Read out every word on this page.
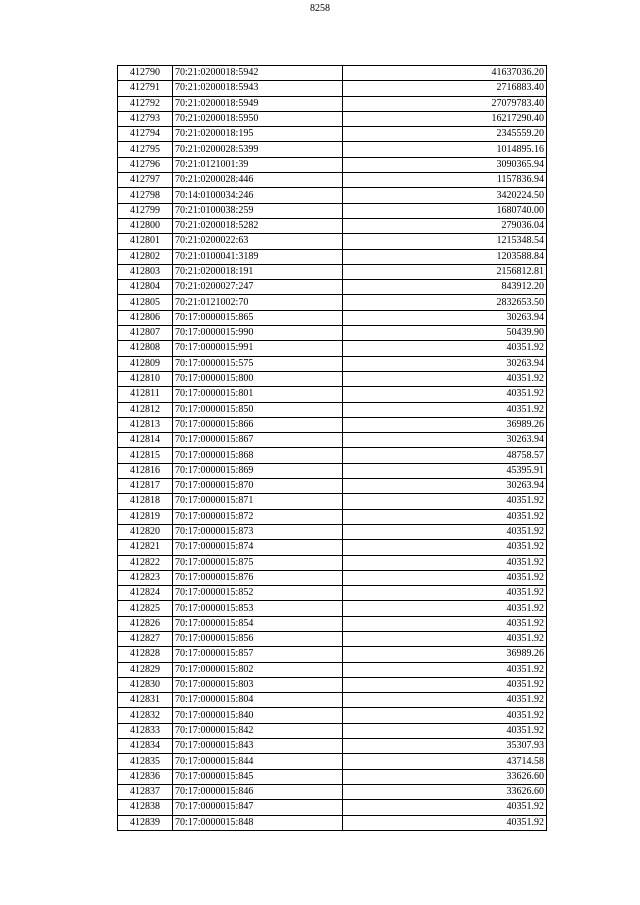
8258
412790	70:21:0200018:5942	41637036.20
412791	70:21:0200018:5943	2716883.40
412792	70:21:0200018:5949	27079783.40
412793	70:21:0200018:5950	16217290.40
412794	70:21:0200018:195	2345559.20
412795	70:21:0200028:5399	1014895.16
412796	70:21:0121001:39	3090365.94
412797	70:21:0200028:446	1157836.94
412798	70:14:0100034:246	3420224.50
412799	70:21:0100038:259	1680740.00
412800	70:21:0200018:5282	279036.04
412801	70:21:0200022:63	1215348.54
412802	70:21:0100041:3189	1203588.84
412803	70:21:0200018:191	2156812.81
412804	70:21:0200027:247	843912.20
412805	70:21:0121002:70	2832653.50
412806	70:17:0000015:865	30263.94
412807	70:17:0000015:990	50439.90
412808	70:17:0000015:991	40351.92
412809	70:17:0000015:575	30263.94
412810	70:17:0000015:800	40351.92
412811	70:17:0000015:801	40351.92
412812	70:17:0000015:850	40351.92
412813	70:17:0000015:866	36989.26
412814	70:17:0000015:867	30263.94
412815	70:17:0000015:868	48758.57
412816	70:17:0000015:869	45395.91
412817	70:17:0000015:870	30263.94
412818	70:17:0000015:871	40351.92
412819	70:17:0000015:872	40351.92
412820	70:17:0000015:873	40351.92
412821	70:17:0000015:874	40351.92
412822	70:17:0000015:875	40351.92
412823	70:17:0000015:876	40351.92
412824	70:17:0000015:852	40351.92
412825	70:17:0000015:853	40351.92
412826	70:17:0000015:854	40351.92
412827	70:17:0000015:856	40351.92
412828	70:17:0000015:857	36989.26
412829	70:17:0000015:802	40351.92
412830	70:17:0000015:803	40351.92
412831	70:17:0000015:804	40351.92
412832	70:17:0000015:840	40351.92
412833	70:17:0000015:842	40351.92
412834	70:17:0000015:843	35307.93
412835	70:17:0000015:844	43714.58
412836	70:17:0000015:845	33626.60
412837	70:17:0000015:846	33626.60
412838	70:17:0000015:847	40351.92
412839	70:17:0000015:848	40351.92
